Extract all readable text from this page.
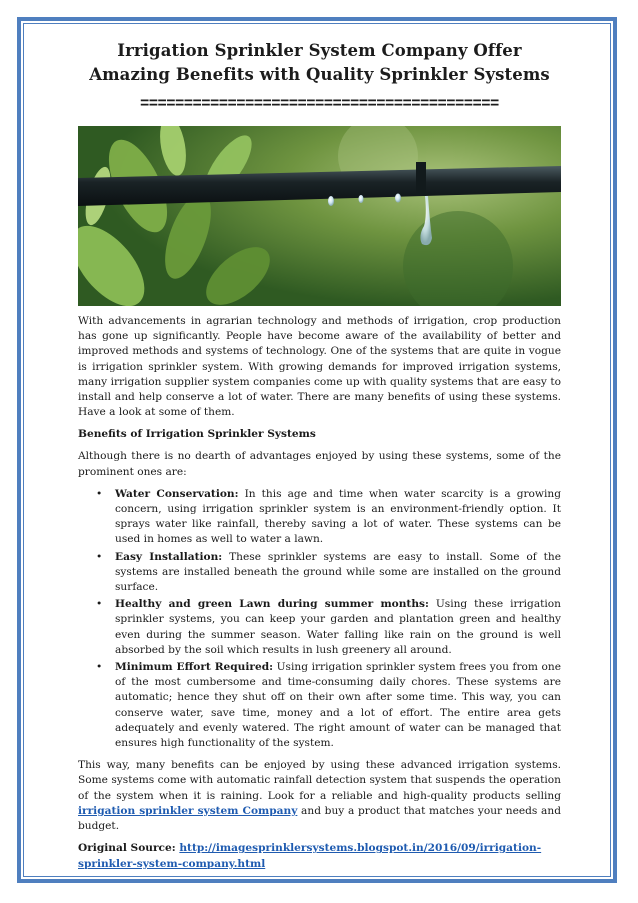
Irrigation Sprinkler System Company Offer Amazing Benefits with Quality Sprinkler Systems
=========================================

With advancements in agrarian technology and methods of irrigation, crop production has gone up significantly. People have become aware of the availability of better and improved methods and systems of technology. One of the systems that are quite in vogue is irrigation sprinkler system. With growing demands for improved irrigation systems, many irrigation supplier system companies come up with quality systems that are easy to install and help conserve a lot of water. There are many benefits of using these systems. Have a look at some of them.

Benefits of Irrigation Sprinkler Systems

Although there is no dearth of advantages enjoyed by using these systems, some of the prominent ones are:

• Water Conservation: In this age and time when water scarcity is a growing concern, using irrigation sprinkler system is an environment-friendly option. It sprays water like rainfall, thereby saving a lot of water. These systems can be used in homes as well to water a lawn.
• Easy Installation: These sprinkler systems are easy to install. Some of the systems are installed beneath the ground while some are installed on the ground surface.
• Healthy and green Lawn during summer months: Using these irrigation sprinkler systems, you can keep your garden and plantation green and healthy even during the summer season. Water falling like rain on the ground is well absorbed by the soil which results in lush greenery all around.
• Minimum Effort Required: Using irrigation sprinkler system frees you from one of the most cumbersome and time-consuming daily chores. These systems are automatic; hence they shut off on their own after some time. This way, you can conserve water, save time, money and a lot of effort. The entire area gets adequately and evenly watered. The right amount of water can be managed that ensures high functionality of the system.

This way, many benefits can be enjoyed by using these advanced irrigation systems. Some systems come with automatic rainfall detection system that suspends the operation of the system when it is raining. Look for a reliable and high-quality products selling irrigation sprinkler system Company and buy a product that matches your needs and budget.

Original Source: http://imagesprinklersystems.blogspot.in/2016/09/irrigation-sprinkler-system-company.html
